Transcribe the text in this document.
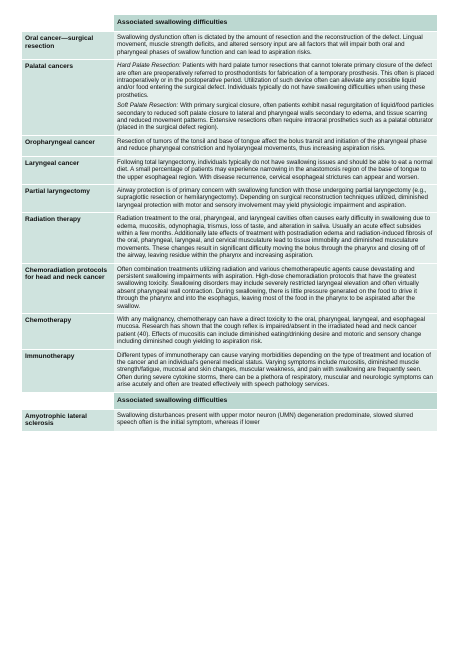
	Associated swallowing difficulties
Oral cancer—surgical resection	Swallowing dysfunction often is dictated by the amount of resection and the reconstruction of the defect. Lingual movement, muscle strength deficits, and altered sensory input are all factors that will impair both oral and pharyngeal phases of swallow function and can lead to aspiration risks.

Palatal cancers	Hard Palate Resection: Patients with hard palate tumor resections that cannot tolerate primary closure of the defect are often are preoperatively referred to prosthodontists for fabrication of a temporary prosthesis. This often is placed intraoperatively or in the postoperative period. Utilization of such device often can alleviate any possible liquid and/or food entering the surgical defect. Individuals typically do not have swallowing difficulties when using these prosthetics.
Soft Palate Resection: With primary surgical closure, often patients exhibit nasal regurgitation of liquid/food particles secondary to reduced soft palate closure to lateral and pharyngeal walls secondary to edema, and tissue scarring and reduced movement patterns. Extensive resections often require intraoral prosthetics such as a palatal obturator (placed in the surgical defect region).

Oropharyngeal cancer	Resection of tumors of the tonsil and base of tongue affect the bolus transit and initiation of the pharyngeal phase and reduce pharyngeal constriction and hyolaryngeal movements, thus increasing aspiration risks.

Laryngeal cancer	Following total laryngectomy, individuals typically do not have swallowing issues and should be able to eat a normal diet. A small percentage of patients may experience narrowing in the anastomosis region of the base of tongue to the upper esophageal region. With disease recurrence, cervical esophageal strictures can appear and worsen.

Partial laryngectomy	Airway protection is of primary concern with swallowing function with those undergoing partial laryngectomy (e.g., supraglottic resection or hemilaryngectomy). Depending on surgical reconstruction techniques utilized, diminished laryngeal protection with motor and sensory involvement may yield physiologic impairment and aspiration.

Radiation therapy	Radiation treatment to the oral, pharyngeal, and laryngeal cavities often causes early difficulty in swallowing due to edema, mucositis, odynophagia, trismus, loss of taste, and alteration in saliva. Usually an acute effect subsides within a few months. Additionally late effects of treatment with postradiation edema and radiation-induced fibrosis of the oral, pharyngeal, laryngeal, and cervical musculature lead to tissue immobility and diminished musculature movements. These changes result in significant difficulty moving the bolus through the pharynx and closing off of the airway, leaving residue within the pharynx and increasing aspiration.

Chemoradiation protocols for head and neck cancer	Often combination treatments utilizing radiation and various chemotherapeutic agents cause devastating and persistent swallowing impairments with aspiration. High-dose chemoradiation protocols that have the greatest swallowing toxicity. Swallowing disorders may include severely restricted laryngeal elevation and often virtually absent pharyngeal wall contraction. During swallowing, there is little pressure generated on the food to drive it through the pharynx and into the esophagus, leaving most of the food in the pharynx to be aspirated after the swallow.

Chemotherapy	With any malignancy, chemotherapy can have a direct toxicity to the oral, pharyngeal, laryngeal, and esophageal mucosa. Research has shown that the cough reflex is impaired/absent in the irradiated head and neck cancer patient (40). Effects of mucositis can include diminished eating/drinking desire and motoric and sensory change including diminished cough yielding to aspiration risk.

Immunotherapy	Different types of immunotherapy can cause varying morbidities depending on the type of treatment and location of the cancer and an individual's general medical status. Varying symptoms include mucositis, diminished muscle strength/fatigue, mucosal and skin changes, muscular weakness, and pain with swallowing are frequently seen. Often during severe cytokine storms, there can be a plethora of respiratory, muscular and neurologic symptoms can arise acutely and often are treated effectively with speech pathology services.

	Associated swallowing difficulties
Amyotrophic lateral sclerosis	Swallowing disturbances present with upper motor neuron (UMN) degeneration predominate, slowed slurred speech often is the initial symptom, whereas if lower
